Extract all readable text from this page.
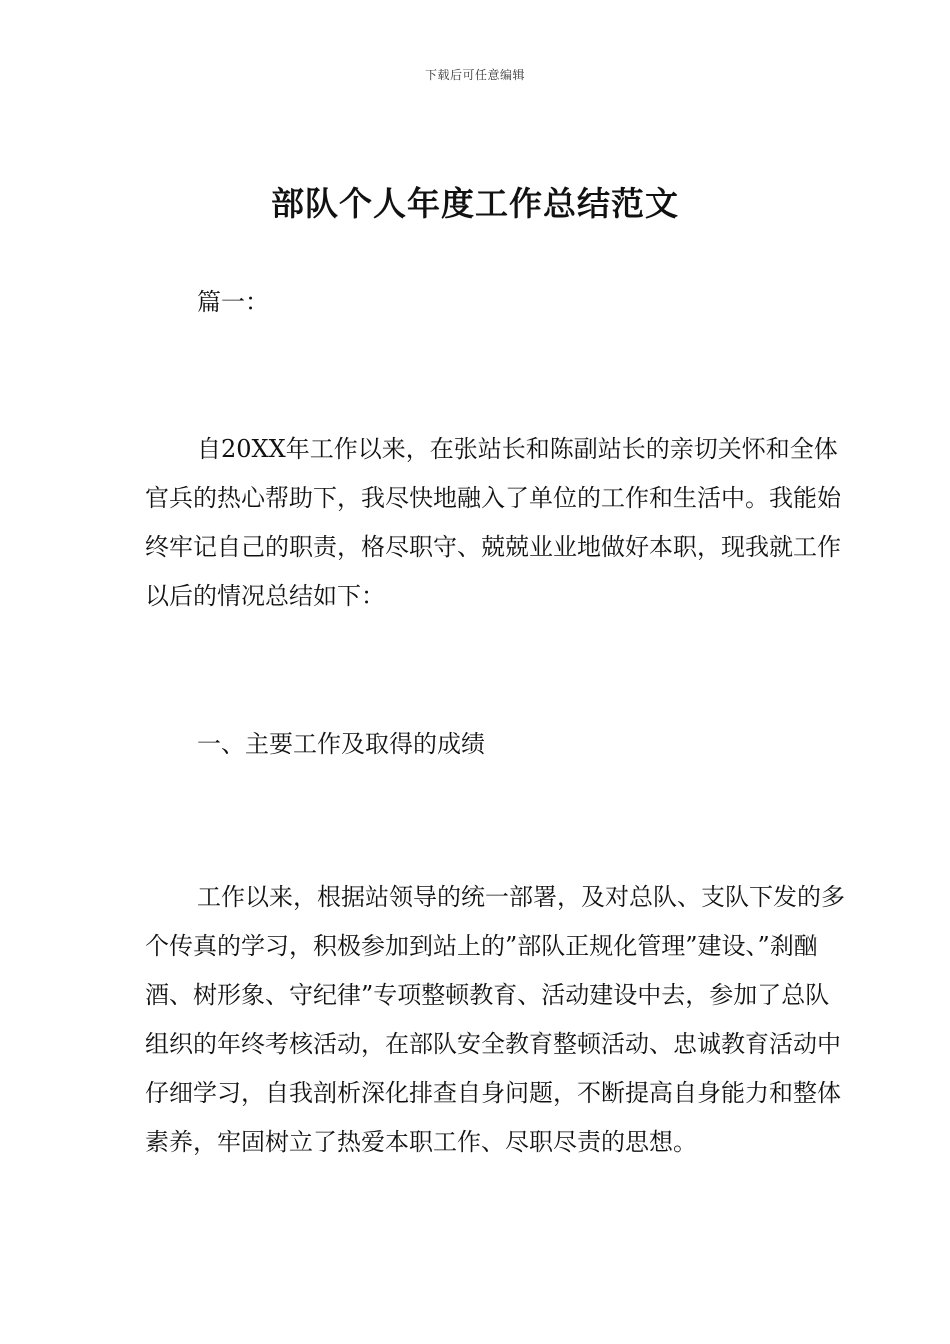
下载后可任意编辑
部队个人年度工作总结范文

篇一：

自20XX年工作以来，在张站长和陈副站长的亲切关怀和全体官兵的热心帮助下，我尽快地融入了单位的工作和生活中。我能始终牢记自己的职责，格尽职守、兢兢业业地做好本职，现我就工作以后的情况总结如下：

一、主要工作及取得的成绩

工作以来，根据站领导的统一部署，及对总队、支队下发的多个传真的学习，积极参加到站上的”部队正规化管理”建设、”刹酗酒、树形象、守纪律”专项整顿教育、活动建设中去，参加了总队组织的年终考核活动，在部队安全教育整顿活动、忠诚教育活动中仔细学习，自我剖析深化排查自身问题，不断提高自身能力和整体素养，牢固树立了热爱本职工作、尽职尽责的思想。
